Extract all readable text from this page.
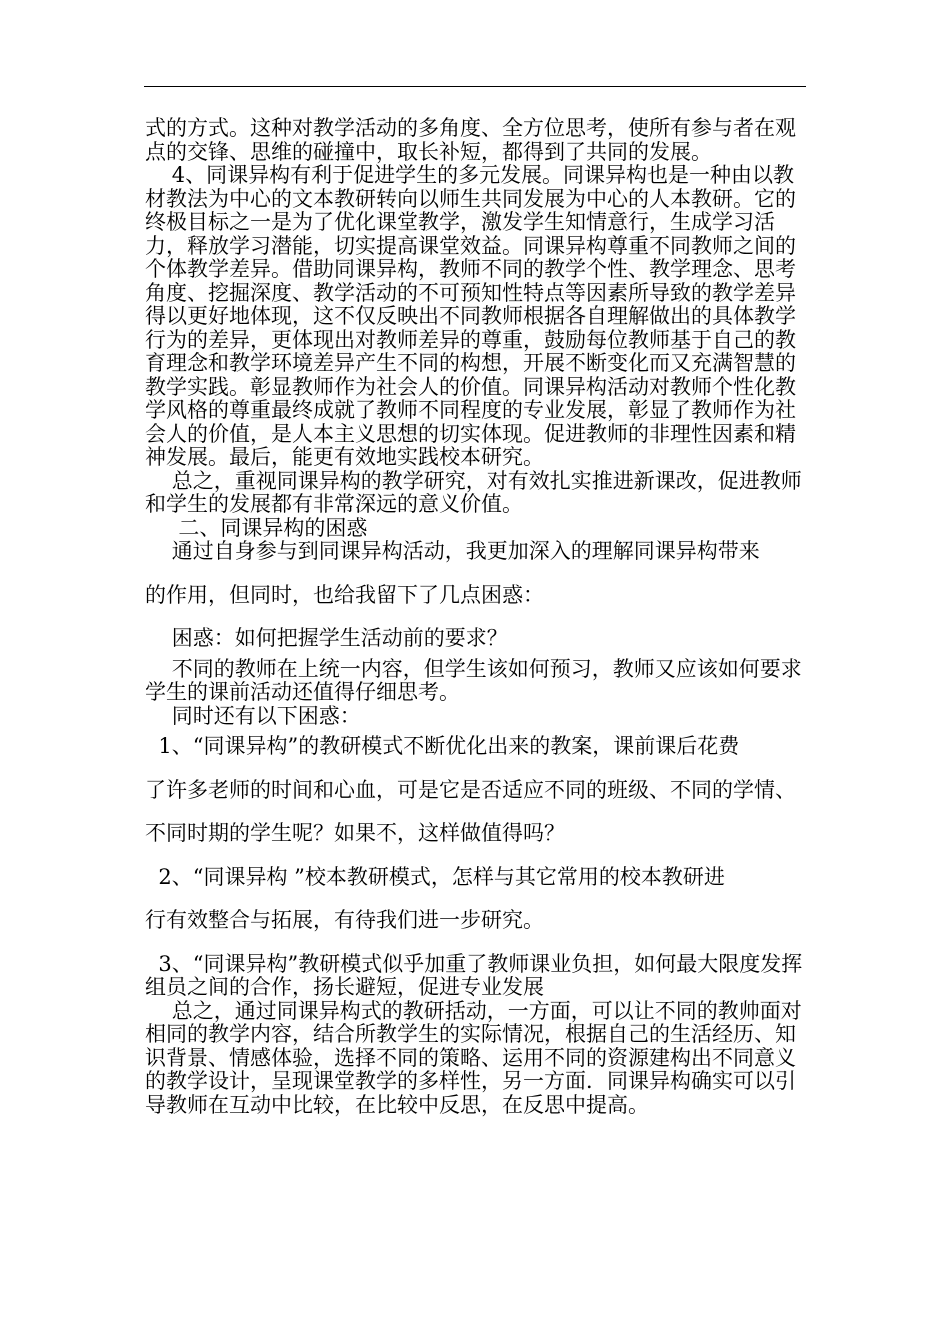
式的方式。这种对教学活动的多角度、全方位思考，使所有参与者在观点的交锋、思维的碰撞中，取长补短，都得到了共同的发展。

4、同课异构有利于促进学生的多元发展。同课异构也是一种由以教材教法为中心的文本教研转向以师生共同发展为中心的人本教研。它的终极目标之一是为了优化课堂教学，激发学生知情意行，生成学习活力，释放学习潜能，切实提高课堂效益。同课异构尊重不同教师之间的个体教学差异。借助同课异构，教师不同的教学个性、教学理念、思考角度、挖掘深度、教学活动的不可预知性特点等因素所导致的教学差异得以更好地体现，这不仅反映出不同教师根据各自理解做出的具体教学行为的差异，更体现出对教师差异的尊重，鼓励每位教师基于自己的教育理念和教学环境差异产生不同的构想，开展不断变化而又充满智慧的教学实践。彰显教师作为社会人的价值。同课异构活动对教师个性化教学风格的尊重最终成就了教师不同程度的专业发展，彰显了教师作为社会人的价值，是人本主义思想的切实体现。促进教师的非理性因素和精神发展。最后，能更有效地实践校本研究。

总之，重视同课异构的教学研究，对有效扎实推进新课改，促进教师和学生的发展都有非常深远的意义价值。

二、同课异构的困惑

通过自身参与到同课异构活动，我更加深入的理解同课异构带来

的作用，但同时，也给我留下了几点困惑：

困惑：如何把握学生活动前的要求？

不同的教师在上统一内容，但学生该如何预习，教师又应该如何要求学生的课前活动还值得仔细思考。

同时还有以下困惑：

1、“同课异构”的教研模式不断优化出来的教案，课前课后花费

了许多老师的时间和心血，可是它是否适应不同的班级、不同的学情、

不同时期的学生呢？如果不，这样做值得吗？

2、“同课异构 ”校本教研模式，怎样与其它常用的校本教研进

行有效整合与拓展，有待我们进一步研究。

3、“同课异构”教研模式似乎加重了教师课业负担，如何最大限度发挥组员之间的合作，扬长避短，促进专业发展

总之，通过同课异构式的教研括动，一方面，可以让不同的教帅面对相同的教学内容，结合所教学生的实际情况，根据自己的生活经历、知识背景、情感体验，选择不同的策略、运用不同的资源建构出不同意义的教学设计，呈现课堂教学的多样性，另一方面．同课异构确实可以引导教师在互动中比较，在比较中反思，在反思中提高。
